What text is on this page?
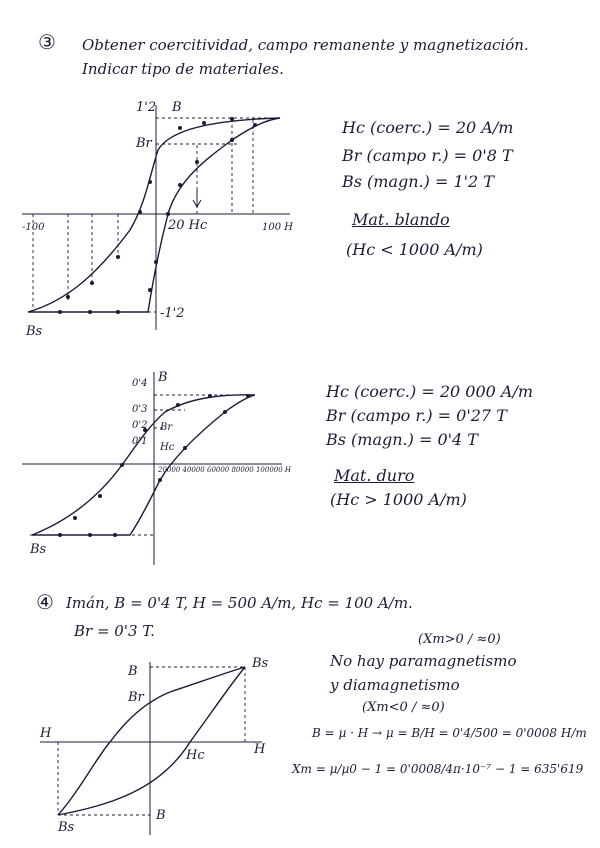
③ Obtener coercitividad, campo remanente y magnetización.
Indicar tipo de materiales.
1'2 B
Br
-1'2
-100	20 Hc	100 H
Bs
Hc (coerc.) = 20 A/m
Br (campo r.) = 0'8 T
Bs (magn.) = 1'2 T
Mat. blando
(Hc < 1000 A/m)
0'4 B
0'3
0'2
0'1
Br
Hc
20000 40000 60000 80000 100000 H
Bs
Hc (coerc.) = 20 000 A/m
Br (campo r.) = 0'27 T
Bs (magn.) = 0'4 T
Mat. duro
(Hc > 1000 A/m)
④ Imán, B = 0'4 T, H = 500 A/m, Hc = 100 A/m.
Br = 0'3 T.
B
Bs
Br
H
Hc	H
Bs
B
(Xm>0 / ≈0)
No hay paramagnetismo
y diamagnetismo
(Xm<0 / ≈0)
B = μ · H → μ = B/H = 0'4/500 = 0'0008 H/m
Xm = μ/μ0 − 1 = 0'0008/4π·10⁻⁷ − 1 = 635'619
